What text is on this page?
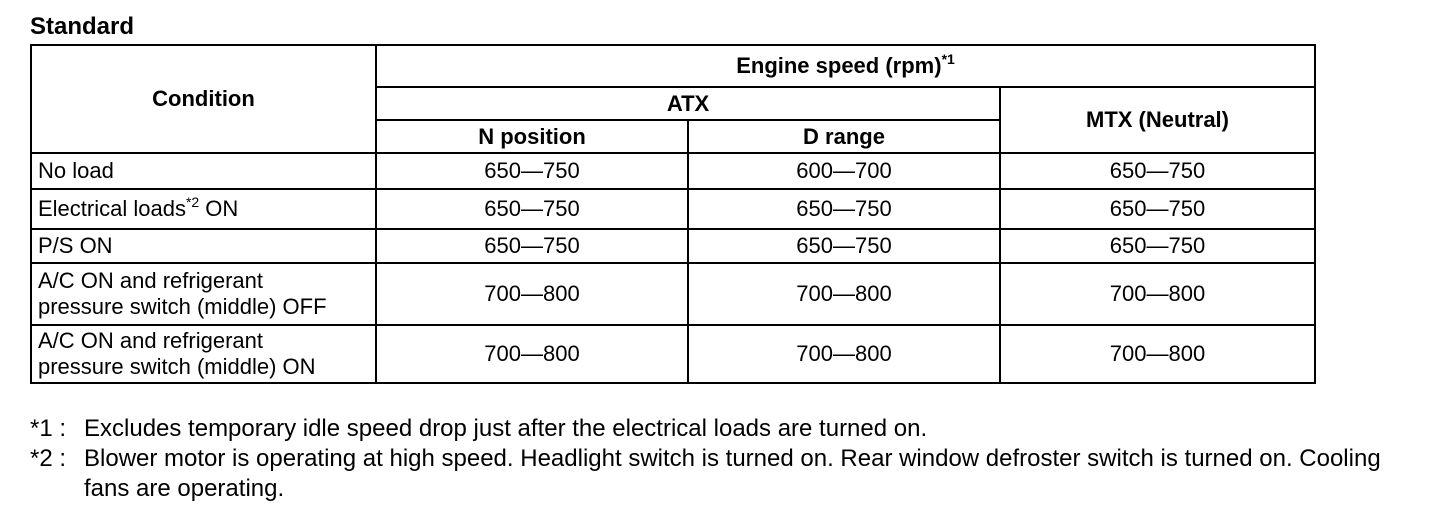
Standard
Condition	Engine speed (rpm)$^{*1}$
	ATX		MTX (Neutral)
	N position	D range	
No load	650—750	600—700	650—750
Electrical loads$^{*2}$ ON	650—750	650—750	650—750
P/S ON	650—750	650—750	650—750

A/C ON and refrigerant
pressure switch (middle) OFF	700—800	700—800	700—800

A/C ON and refrigerant
pressure switch (middle) ON	700—800	700—800	700—800
*1 : Excludes temporary idle speed drop just after the electrical loads are turned on.
*2 : Blower motor is operating at high speed. Headlight switch is turned on. Rear window defroster switch is turned on. Cooling fans are operating.
